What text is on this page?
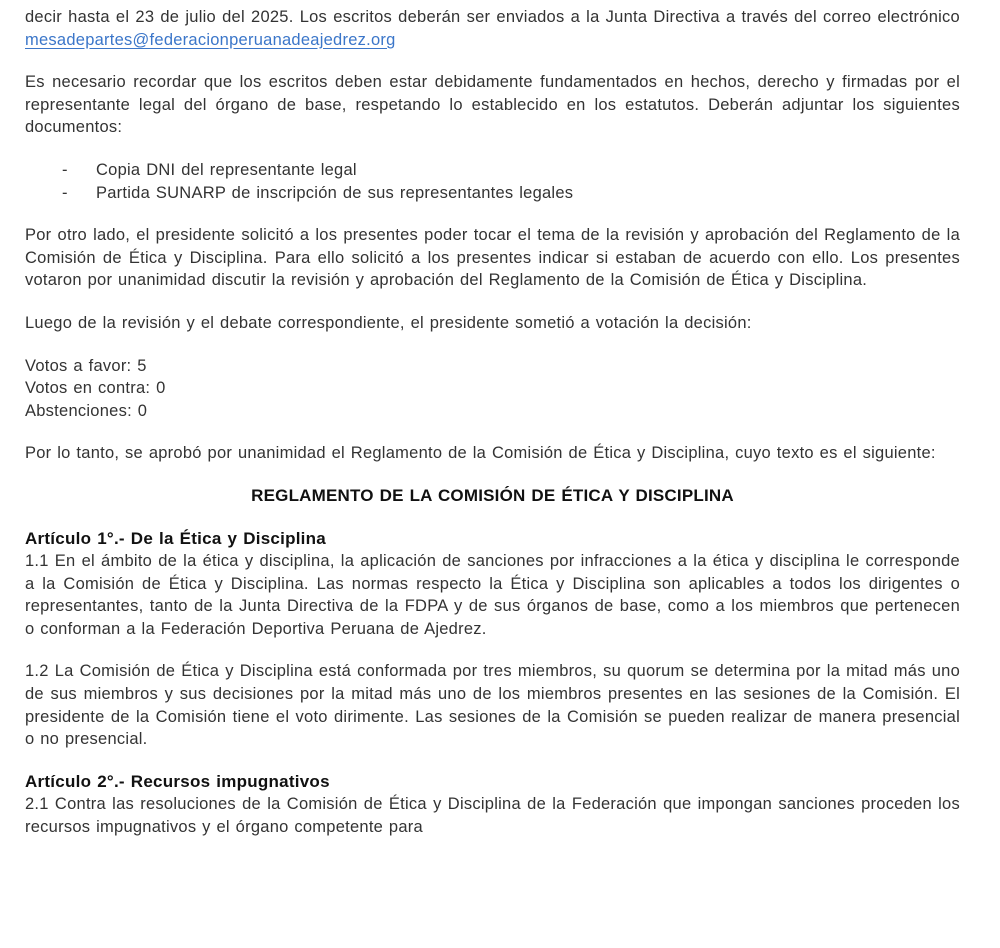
decir hasta el 23 de julio del 2025. Los escritos deberán ser enviados a la Junta Directiva a través del correo electrónico mesadepartes@federacionperuanadeajedrez.org

Es necesario recordar que los escritos deben estar debidamente fundamentados en hechos, derecho y firmadas por el representante legal del órgano de base, respetando lo establecido en los estatutos. Deberán adjuntar los siguientes documentos:

-	Copia DNI del representante legal
-	Partida SUNARP de inscripción de sus representantes legales

Por otro lado, el presidente solicitó a los presentes poder tocar el tema de la revisión y aprobación del Reglamento de la Comisión de Ética y Disciplina. Para ello solicitó a los presentes indicar si estaban de acuerdo con ello. Los presentes votaron por unanimidad discutir la revisión y aprobación del Reglamento de la Comisión de Ética y Disciplina.

Luego de la revisión y el debate correspondiente, el presidente sometió a votación la decisión:

Votos a favor: 5
Votos en contra: 0
Abstenciones: 0

Por lo tanto, se aprobó por unanimidad el Reglamento de la Comisión de Ética y Disciplina, cuyo texto es el siguiente:

REGLAMENTO DE LA COMISIÓN DE ÉTICA Y DISCIPLINA
Artículo 1°.- De la Ética y Disciplina

1.1 En el ámbito de la ética y disciplina, la aplicación de sanciones por infracciones a la ética y disciplina le corresponde a la Comisión de Ética y Disciplina. Las normas respecto la Ética y Disciplina son aplicables a todos los dirigentes o representantes, tanto de la Junta Directiva de la FDPA y de sus órganos de base, como a los miembros que pertenecen o conforman a la Federación Deportiva Peruana de Ajedrez.

1.2 La Comisión de Ética y Disciplina está conformada por tres miembros, su quorum se determina por la mitad más uno de sus miembros y sus decisiones por la mitad más uno de los miembros presentes en las sesiones de la Comisión. El presidente de la Comisión tiene el voto dirimente. Las sesiones de la Comisión se pueden realizar de manera presencial o no presencial.

Artículo 2°.- Recursos impugnativos

2.1 Contra las resoluciones de la Comisión de Ética y Disciplina de la Federación que impongan sanciones proceden los recursos impugnativos y el órgano competente para
